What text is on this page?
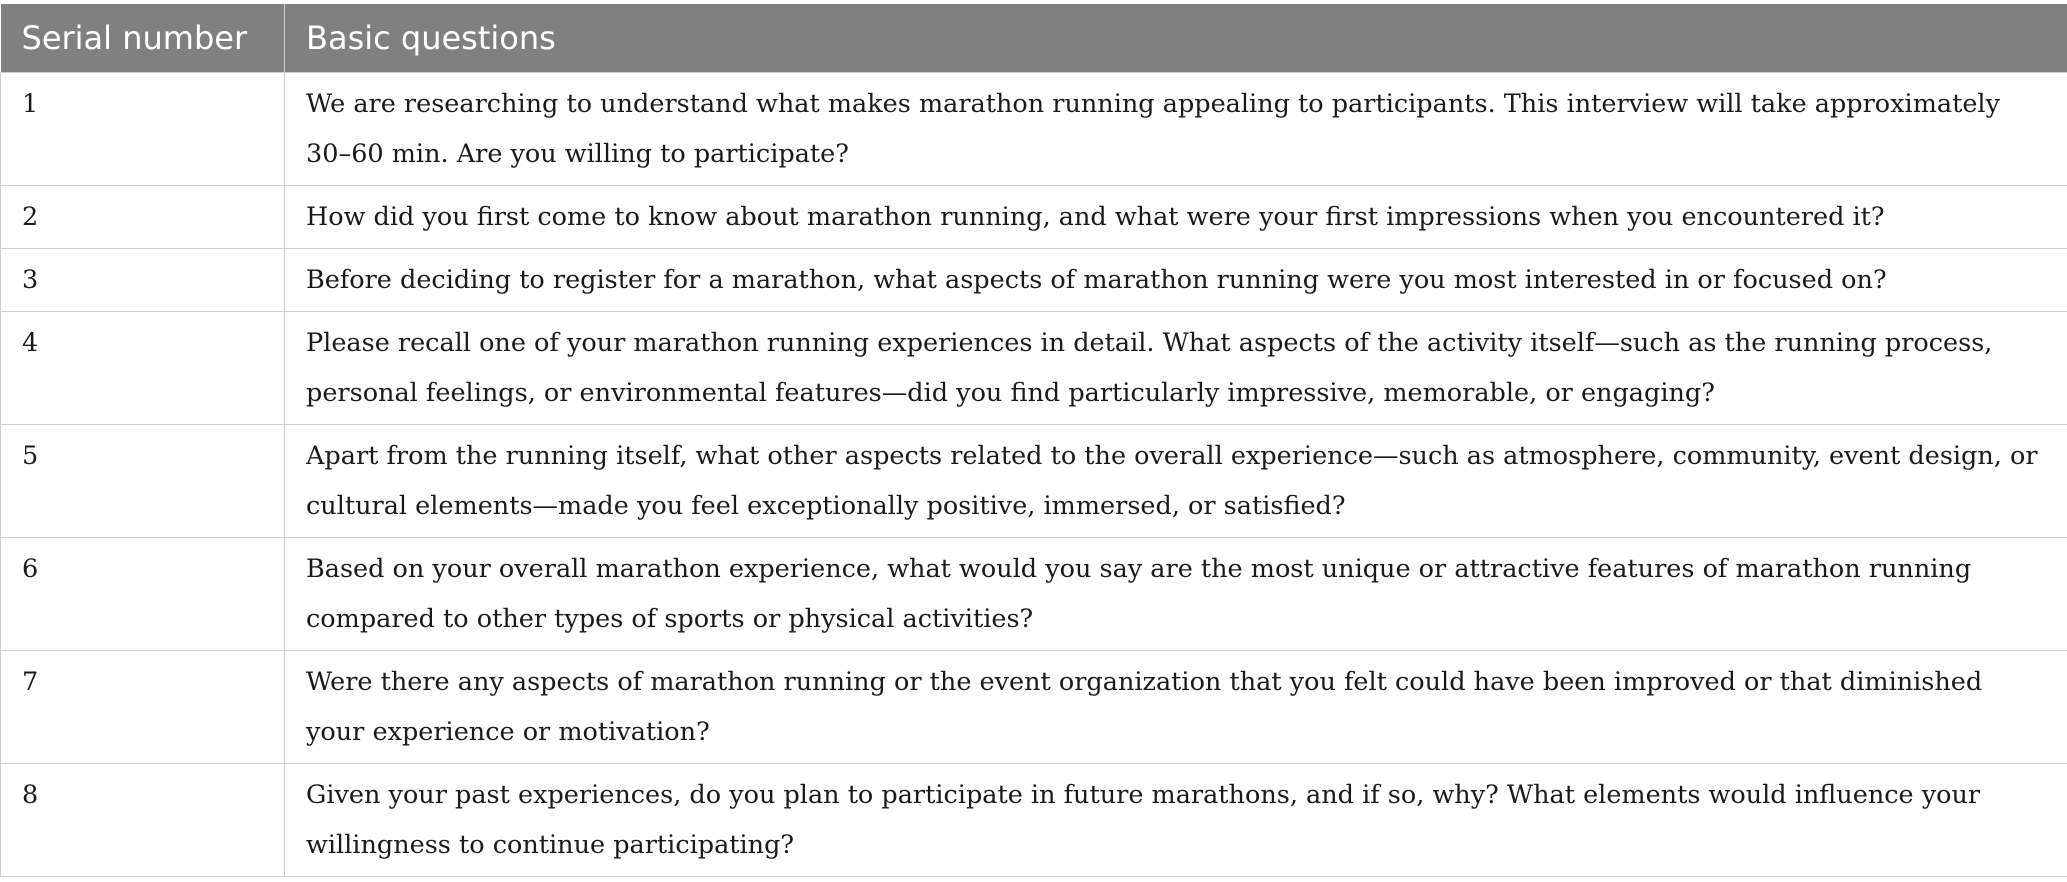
Serial number	Basic questions
1	We are researching to understand what makes marathon running appealing to participants. This interview will take approximately 30–60 min. Are you willing to participate?
2	How did you first come to know about marathon running, and what were your first impressions when you encountered it?
3	Before deciding to register for a marathon, what aspects of marathon running were you most interested in or focused on?
4	Please recall one of your marathon running experiences in detail. What aspects of the activity itself—such as the running process, personal feelings, or environmental features—did you find particularly impressive, memorable, or engaging?
5	Apart from the running itself, what other aspects related to the overall experience—such as atmosphere, community, event design, or cultural elements—made you feel exceptionally positive, immersed, or satisfied?
6	Based on your overall marathon experience, what would you say are the most unique or attractive features of marathon running compared to other types of sports or physical activities?
7	Were there any aspects of marathon running or the event organization that you felt could have been improved or that diminished your experience or motivation?
8	Given your past experiences, do you plan to participate in future marathons, and if so, why? What elements would influence your willingness to continue participating?
